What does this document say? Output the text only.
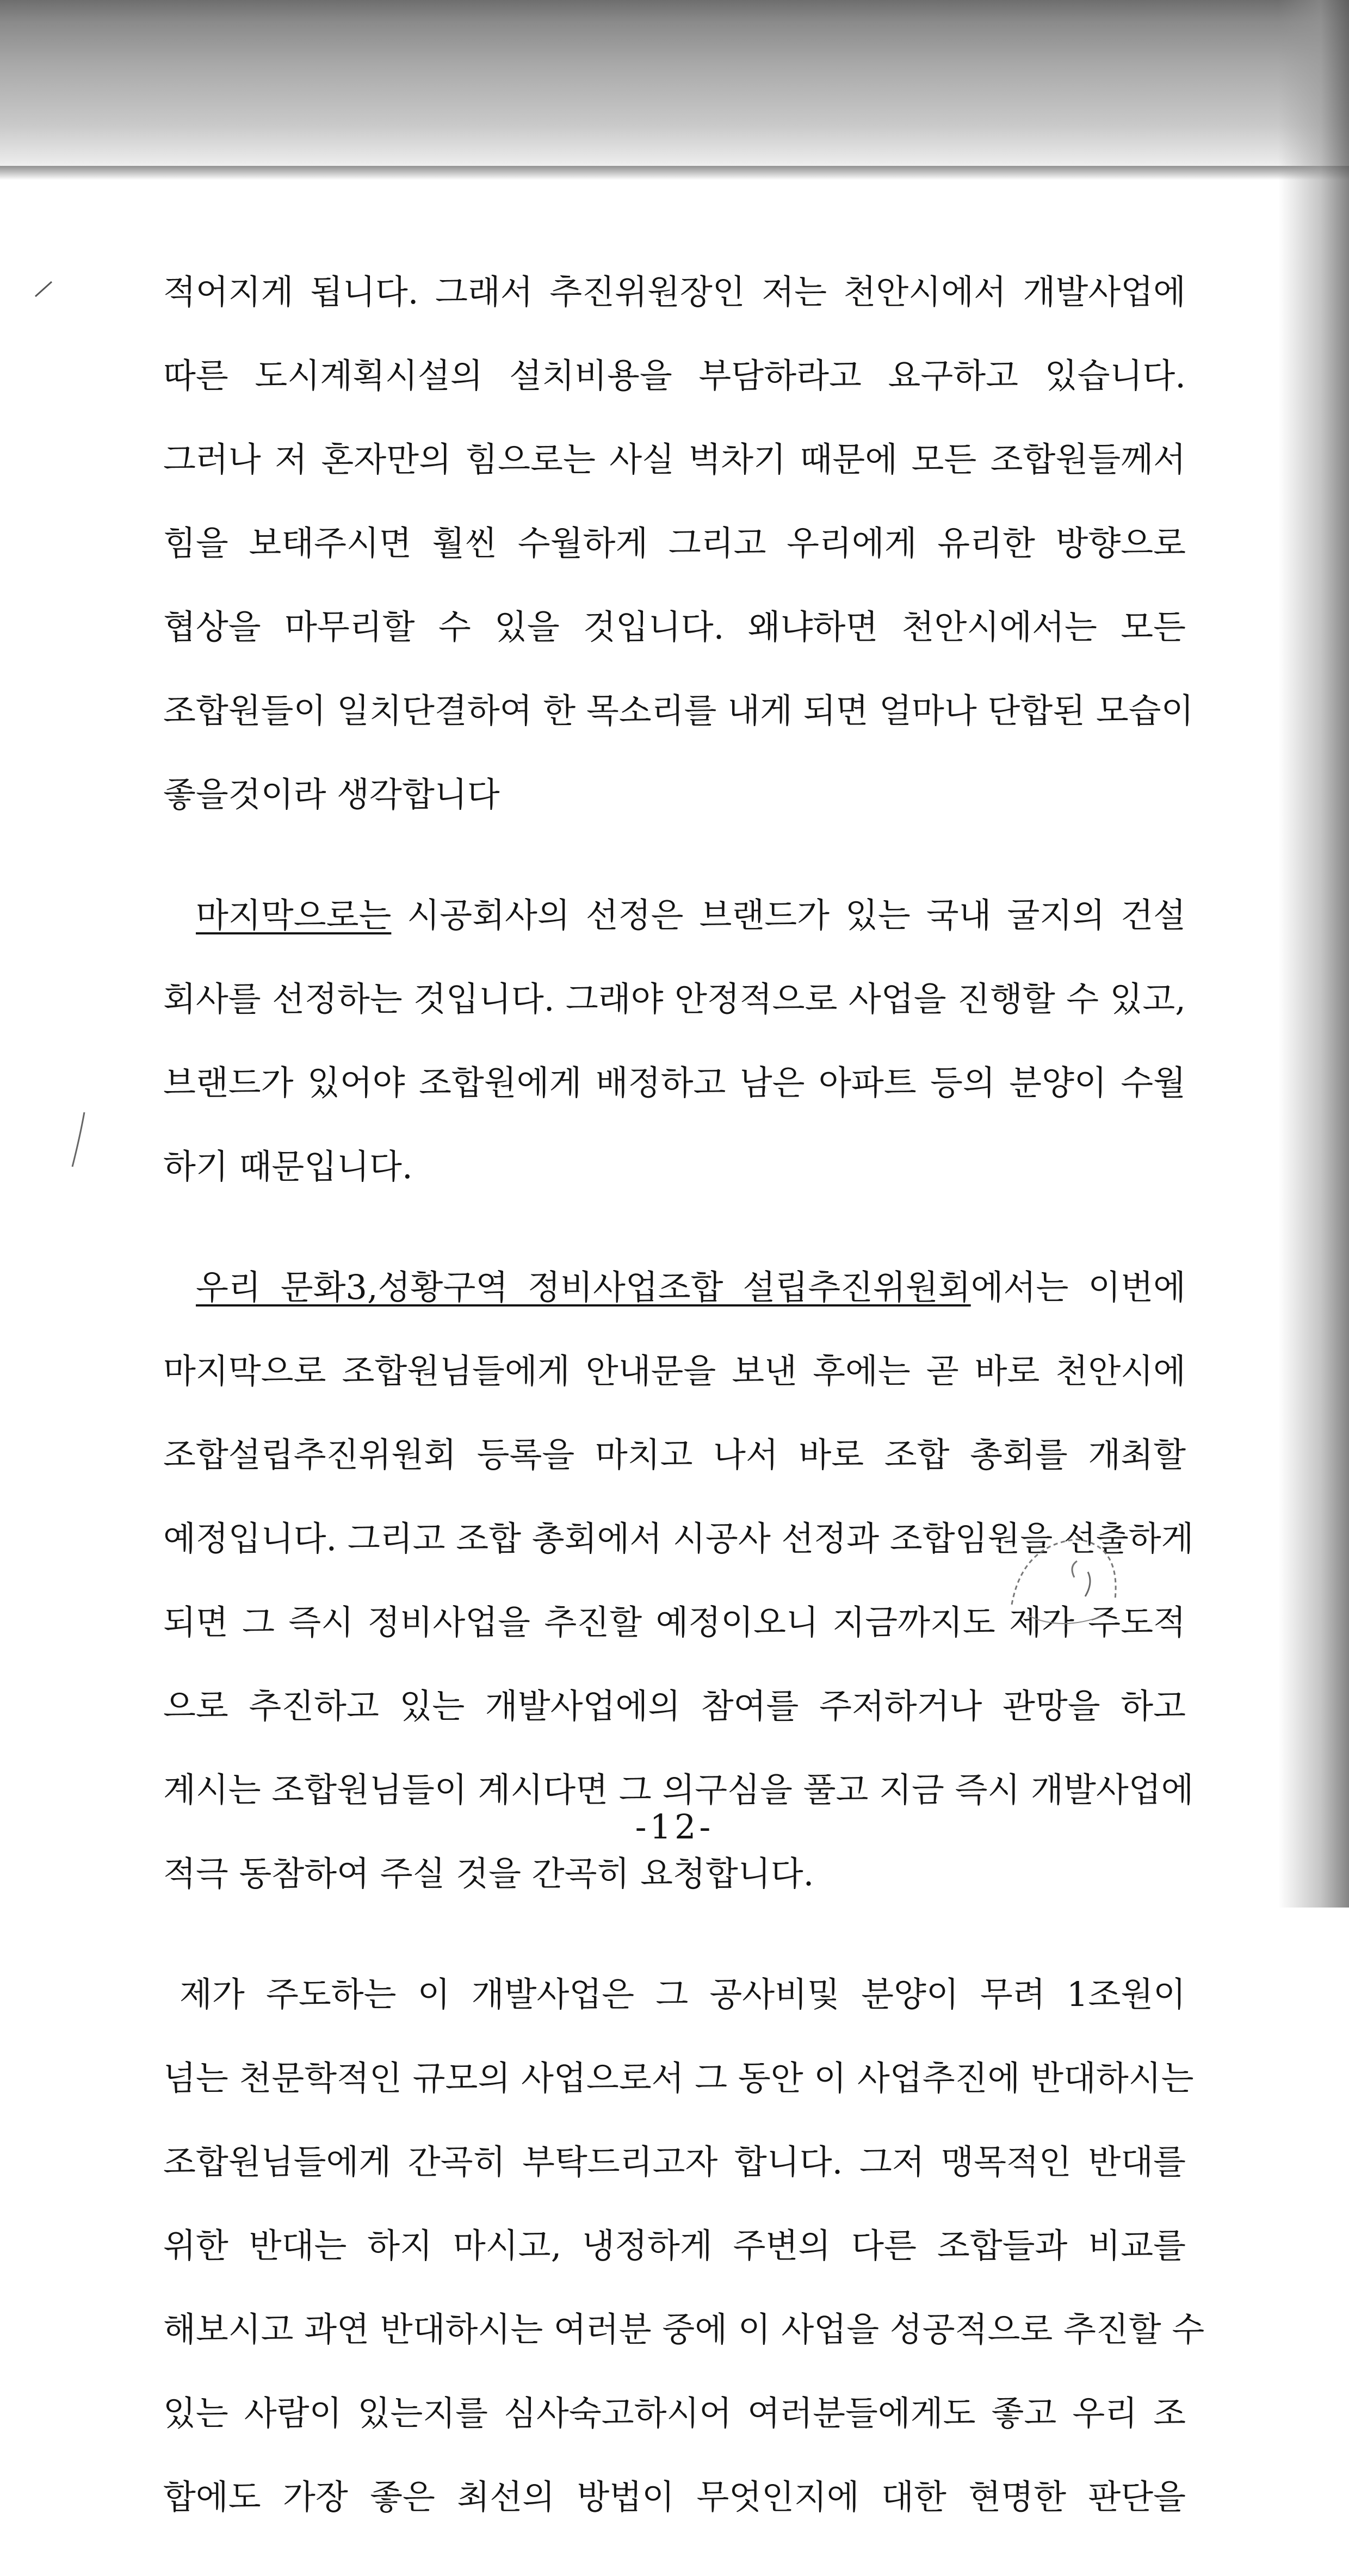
적어지게 됩니다. 그래서 추진위원장인 저는 천안시에서 개발사업에
따른 도시계획시설의 설치비용을 부담하라고 요구하고 있습니다.
그러나 저 혼자만의 힘으로는 사실 벅차기 때문에 모든 조합원들께서
힘을 보태주시면 훨씬 수월하게 그리고 우리에게 유리한 방향으로
협상을 마무리할 수 있을 것입니다. 왜냐하면 천안시에서는 모든
조합원들이 일치단결하여 한 목소리를 내게 되면 얼마나 단합된 모습이
좋을것이라 생각합니다
마지막으로는 시공회사의 선정은 브랜드가 있는 국내 굴지의 건설
회사를 선정하는 것입니다. 그래야 안정적으로 사업을 진행할 수 있고,
브랜드가 있어야 조합원에게 배정하고 남은 아파트 등의 분양이 수월
하기 때문입니다.
우리 문화3,성황구역 정비사업조합 설립추진위원회에서는 이번에
마지막으로 조합원님들에게 안내문을 보낸 후에는 곧 바로 천안시에
조합설립추진위원회 등록을 마치고 나서 바로 조합 총회를 개최할
예정입니다. 그리고 조합 총회에서 시공사 선정과 조합임원을 선출하게
되면 그 즉시 정비사업을 추진할 예정이오니 지금까지도 제가 주도적
으로 추진하고 있는 개발사업에의 참여를 주저하거나 관망을 하고
계시는 조합원님들이 계시다면 그 의구심을 풀고 지금 즉시 개발사업에
적극 동참하여 주실 것을 간곡히 요청합니다.
제가 주도하는 이 개발사업은 그 공사비및 분양이 무려 1조원이
넘는 천문학적인 규모의 사업으로서 그 동안 이 사업추진에 반대하시는
조합원님들에게 간곡히 부탁드리고자 합니다. 그저 맹목적인 반대를
위한 반대는 하지 마시고, 냉정하게 주변의 다른 조합들과 비교를
해보시고 과연 반대하시는 여러분 중에 이 사업을 성공적으로 추진할 수
있는 사람이 있는지를 심사숙고하시어 여러분들에게도 좋고 우리 조
합에도 가장 좋은 최선의 방법이 무엇인지에 대한 현명한 판단을
-12-
